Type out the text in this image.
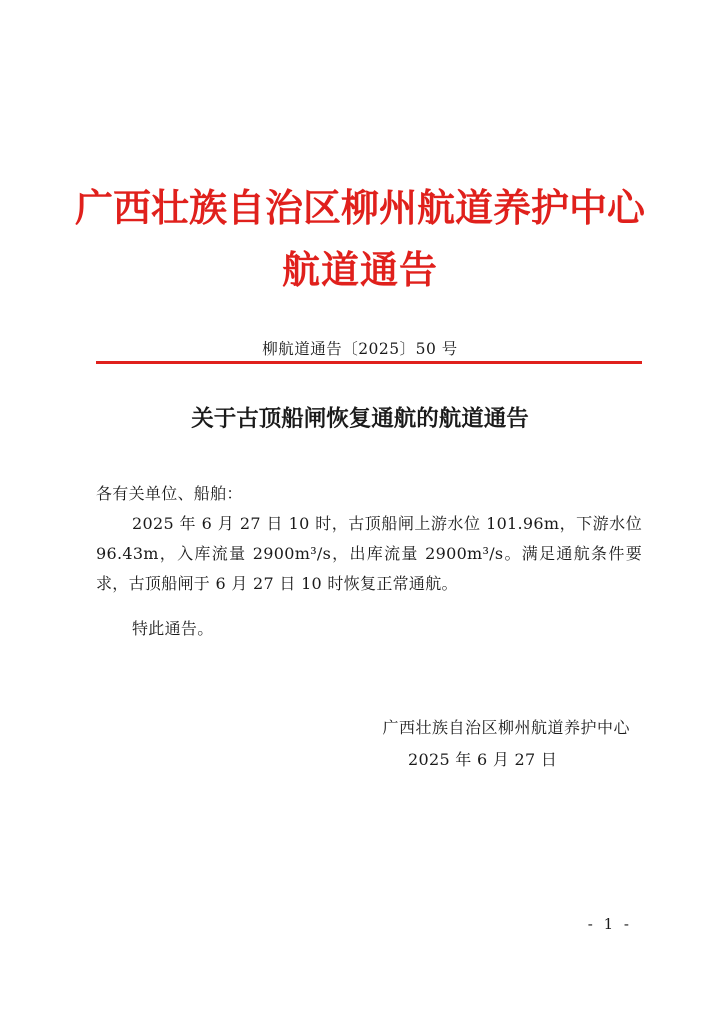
广西壮族自治区柳州航道养护中心
航道通告
柳航道通告〔2025〕50 号
关于古顶船闸恢复通航的航道通告
各有关单位、船舶：
2025 年 6 月 27 日 10 时，古顶船闸上游水位 101.96m，下游水位 96.43m，入库流量 2900m³/s，出库流量 2900m³/s。满足通航条件要求，古顶船闸于 6 月 27 日 10 时恢复正常通航。
特此通告。
广西壮族自治区柳州航道养护中心
2025 年 6 月 27 日
- 1 -
